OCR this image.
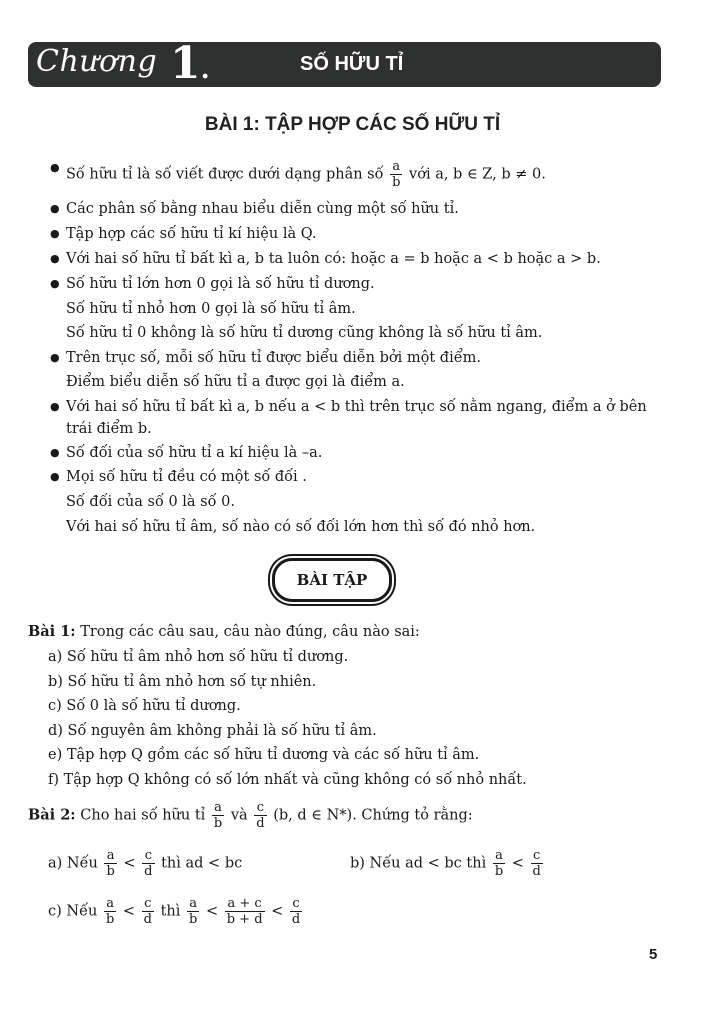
Chương 1 .	SỐ HỮU TỈ
BÀI 1: TẬP HỢP CÁC SỐ HỮU TỈ
● Số hữu tỉ là số viết được dưới dạng phân số $\frac{a}{b}$ với a, b ∈ Z, b ≠ 0.
● Các phân số bằng nhau biểu diễn cùng một số hữu tỉ.
● Tập hợp các số hữu tỉ kí hiệu là Q.
● Với hai số hữu tỉ bất kì a, b ta luôn có: hoặc a = b hoặc a < b hoặc a > b.
● Số hữu tỉ lớn hơn 0 gọi là số hữu tỉ dương.
Số hữu tỉ nhỏ hơn 0 gọi là số hữu tỉ âm.
Số hữu tỉ 0 không là số hữu tỉ dương cũng không là số hữu tỉ âm.
● Trên trục số, mỗi số hữu tỉ được biểu diễn bởi một điểm.
Điểm biểu diễn số hữu tỉ a được gọi là điểm a.
● Với hai số hữu tỉ bất kì a, b nếu a < b thì trên trục số nằm ngang, điểm a ở bên
trái điểm b.
● Số đối của số hữu tỉ a kí hiệu là –a.
● Mọi số hữu tỉ đều có một số đối .
Số đối của số 0 là số 0.
Với hai số hữu tỉ âm, số nào có số đối lớn hơn thì số đó nhỏ hơn.
BÀI TẬP
Bài 1: Trong các câu sau, câu nào đúng, câu nào sai:
a) Số hữu tỉ âm nhỏ hơn số hữu tỉ dương.
b) Số hữu tỉ âm nhỏ hơn số tự nhiên.
c) Số 0 là số hữu tỉ dương.
d) Số nguyên âm không phải là số hữu tỉ âm.
e) Tập hợp Q gồm các số hữu tỉ dương và các số hữu tỉ âm.
f) Tập hợp Q không có số lớn nhất và cũng không có số nhỏ nhất.
Bài 2: Cho hai số hữu tỉ $\frac{a}{b}$ và $\frac{c}{d} (b$, d ∈ N*). Chứng tỏ rằng:
a) Nếu $\frac{a}{b} < \frac{c}{d}$ thì ad < bc	b) Nếu ad < bc thì $\frac{a}{b} < \frac{c}{d}$
c) Nếu $\frac{a}{b} < \frac{c}{d}$ thì $\frac{a}{b} < \frac{a + c}{b + d} < \frac{c}{d}$
5
